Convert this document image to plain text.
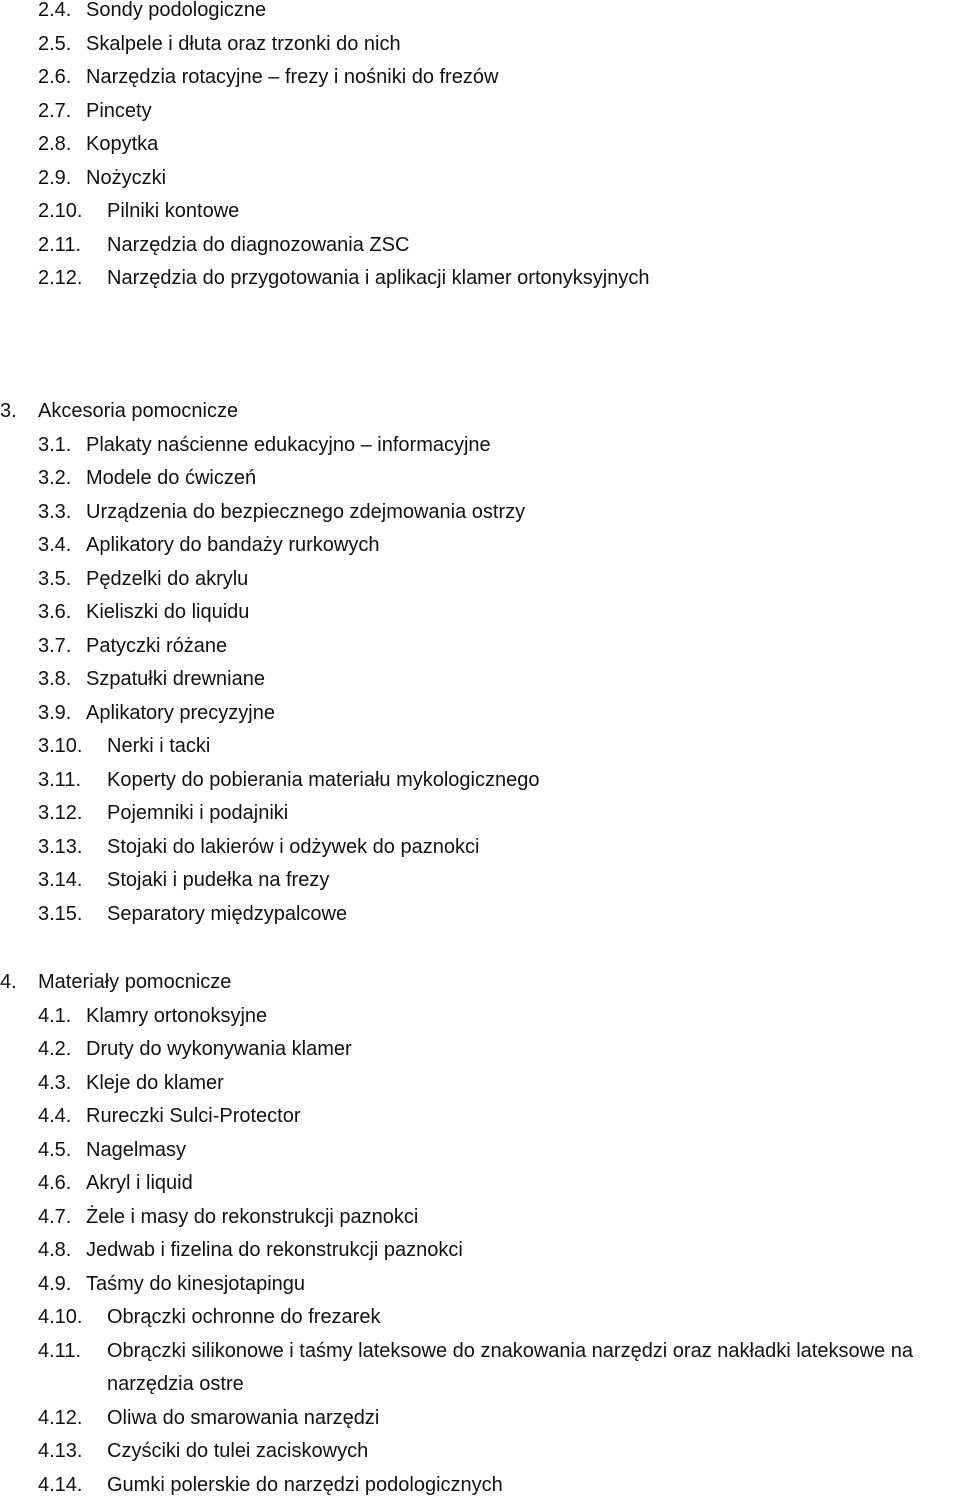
2.4. Sondy podologiczne
2.5. Skalpele i dłuta oraz trzonki do nich
2.6. Narzędzia rotacyjne – frezy i nośniki do frezów
2.7. Pincety
2.8. Kopytka
2.9. Nożyczki
2.10.	Pilniki kontowe
2.11.	Narzędzia do diagnozowania ZSC
2.12.	Narzędzia do przygotowania i aplikacji klamer ortonyksyjnych
3.	Akcesoria pomocnicze
3.1. Plakaty naścienne edukacyjno – informacyjne
3.2. Modele do ćwiczeń
3.3. Urządzenia do bezpiecznego zdejmowania ostrzy
3.4. Aplikatory do bandaży rurkowych
3.5. Pędzelki do akrylu
3.6. Kieliszki do liquidu
3.7. Patyczki różane
3.8. Szpatułki drewniane
3.9. Aplikatory precyzyjne
3.10.	Nerki i tacki
3.11.	Koperty do pobierania materiału mykologicznego
3.12.	Pojemniki i podajniki
3.13.	Stojaki do lakierów i odżywek do paznokci
3.14.	Stojaki i pudełka na frezy
3.15.	Separatory międzypalcowe
4.	Materiały pomocnicze
4.1. Klamry ortonoksyjne
4.2. Druty do wykonywania klamer
4.3. Kleje do klamer
4.4. Rureczki Sulci-Protector
4.5. Nagelmasy
4.6. Akryl i liquid
4.7. Żele i masy do rekonstrukcji paznokci
4.8. Jedwab i fizelina do rekonstrukcji paznokci
4.9. Taśmy do kinesjotapingu
4.10.	Obrączki ochronne do frezarek
4.11.	Obrączki silikonowe i taśmy lateksowe do znakowania narzędzi oraz nakładki lateksowe na narzędzia ostre
4.12.	Oliwa do smarowania narzędzi
4.13.	Czyściki do tulei zaciskowych
4.14.	Gumki polerskie do narzędzi podologicznych
